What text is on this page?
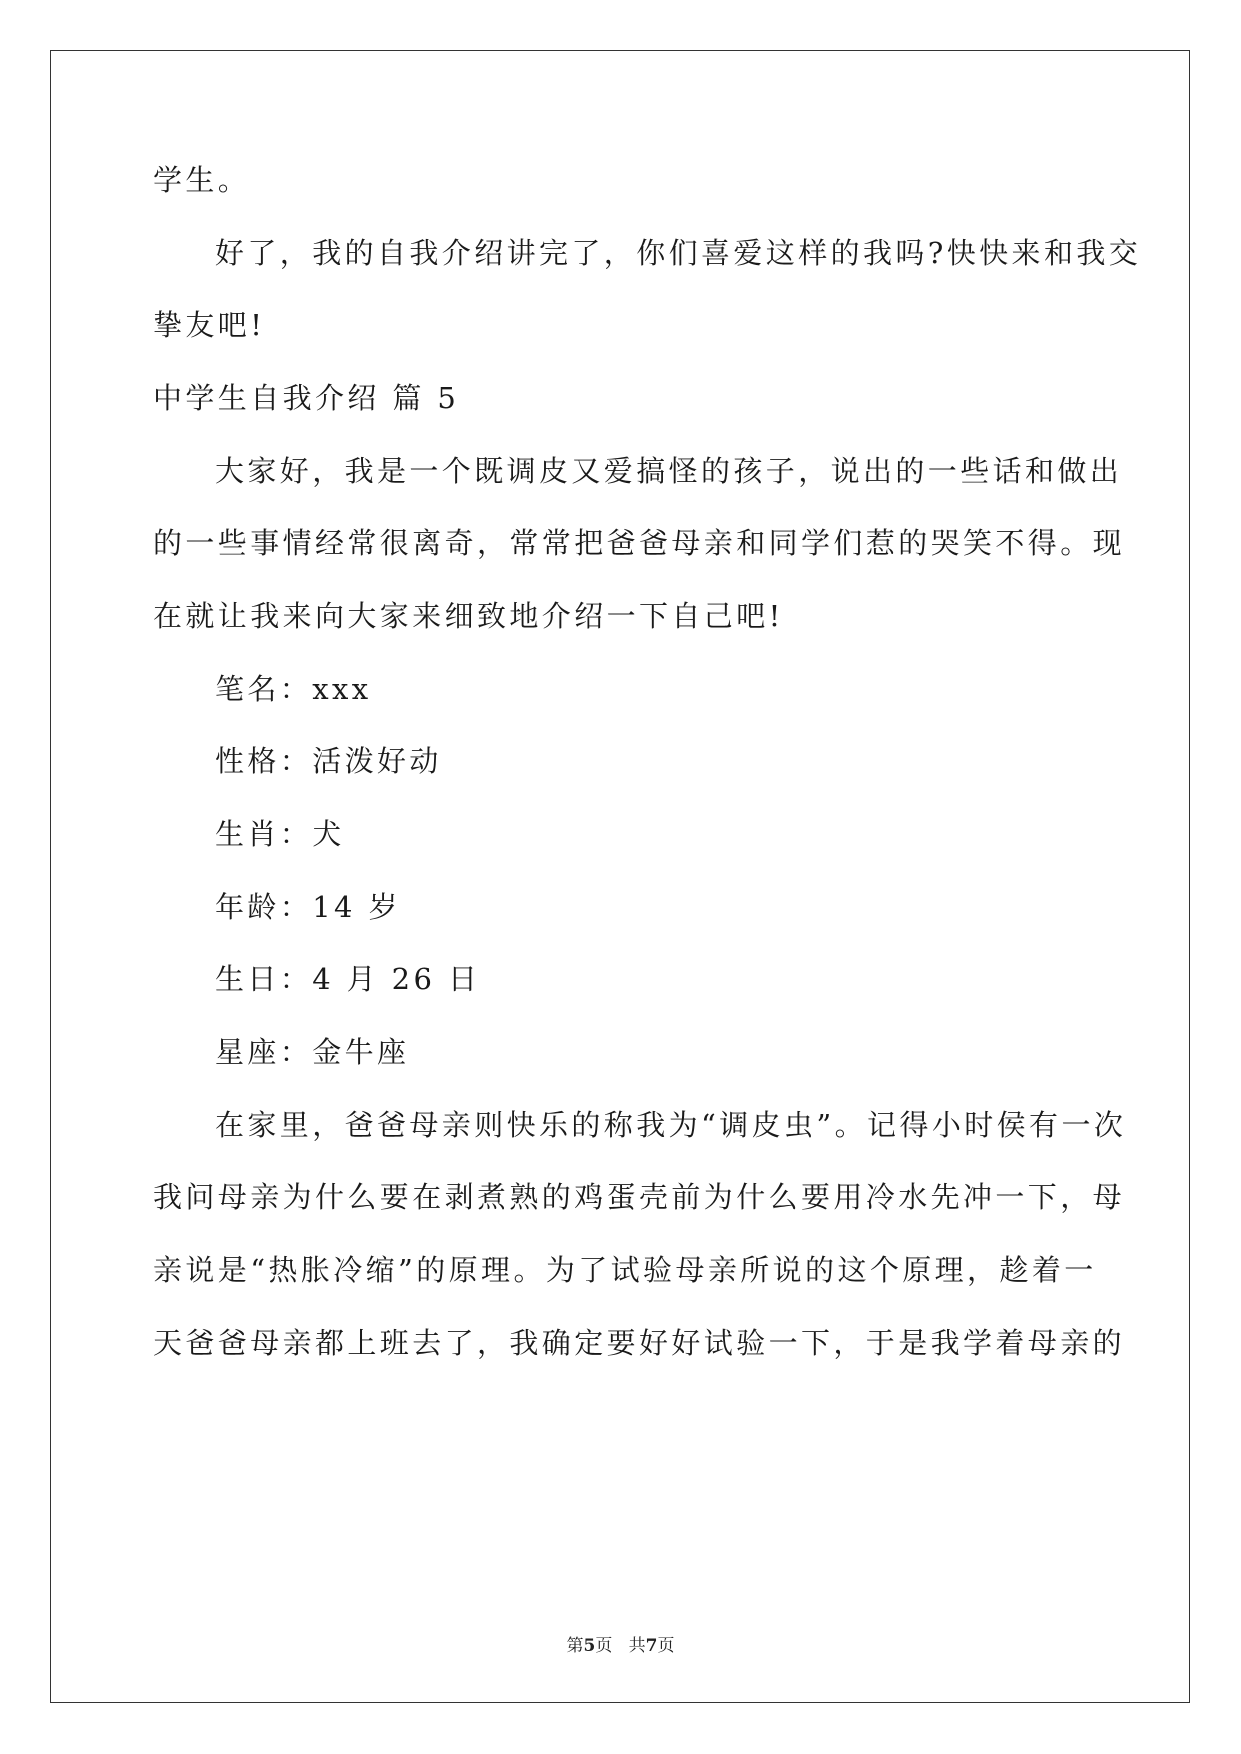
学生。
好了，我的自我介绍讲完了，你们喜爱这样的我吗?快快来和我交
挚友吧!
中学生自我介绍 篇 5
大家好，我是一个既调皮又爱搞怪的孩子，说出的一些话和做出
的一些事情经常很离奇，常常把爸爸母亲和同学们惹的哭笑不得。现
在就让我来向大家来细致地介绍一下自己吧!
笔名：xxx
性格：活泼好动
生肖：犬
年龄：14 岁
生日：4 月 26 日
星座：金牛座
在家里，爸爸母亲则快乐的称我为“调皮虫”。记得小时侯有一次
我问母亲为什么要在剥煮熟的鸡蛋壳前为什么要用冷水先冲一下，母
亲说是“热胀冷缩”的原理。为了试验母亲所说的这个原理，趁着一
天爸爸母亲都上班去了，我确定要好好试验一下，于是我学着母亲的
第5页 共7页
